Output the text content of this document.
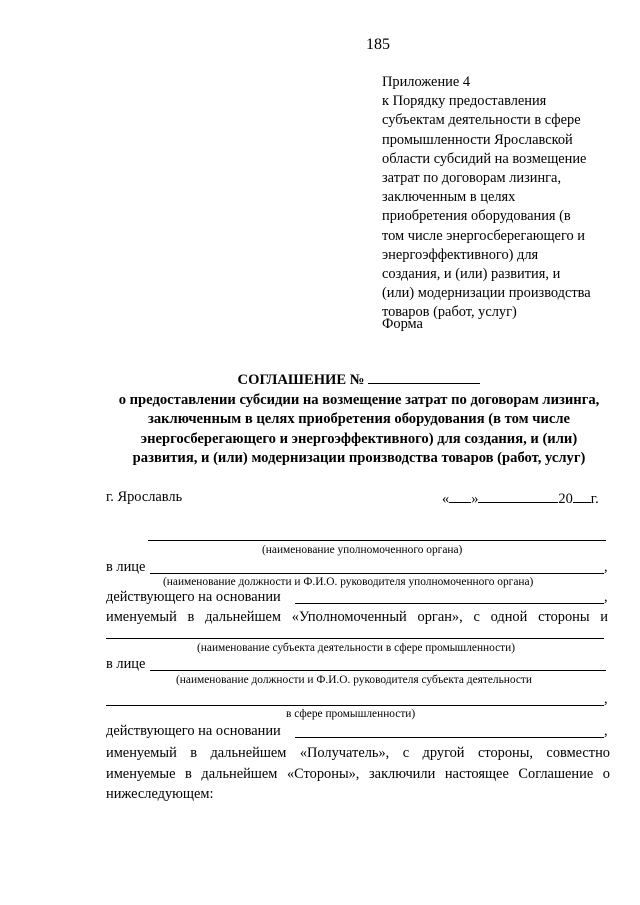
185
Приложение 4
к Порядку предоставления
субъектам деятельности в сфере
промышленности Ярославской
области субсидий на возмещение
затрат по договорам лизинга,
заключенным в целях
приобретения оборудования (в
том числе энергосберегающего и
энергоэффективного) для
создания, и (или) развития, и
(или) модернизации производства
товаров (работ, услуг)
Форма
СОГЛАШЕНИЕ №
о предоставлении субсидии на возмещение затрат по договорам лизинга,
заключенным в целях приобретения оборудования (в том числе
энергосберегающего и энергоэффективного) для создания, и (или)
развития, и (или) модернизации производства товаров (работ, услуг)
г. Ярославль	« »	20 г.
(наименование уполномоченного органа)
в лице	,
(наименование должности и Ф.И.О. руководителя уполномоченного органа)
действующего на основании	,
именуемый в дальнейшем «Уполномоченный орган», с одной стороны и
(наименование субъекта деятельности в сфере промышленности)
в лице
(наименование должности и Ф.И.О. руководителя субъекта деятельности
,
в сфере промышленности)
действующего на основании	,
именуемый в дальнейшем «Получатель», с другой стороны, совместно
именуемые в дальнейшем «Стороны», заключили настоящее Соглашение о
нижеследующем:
